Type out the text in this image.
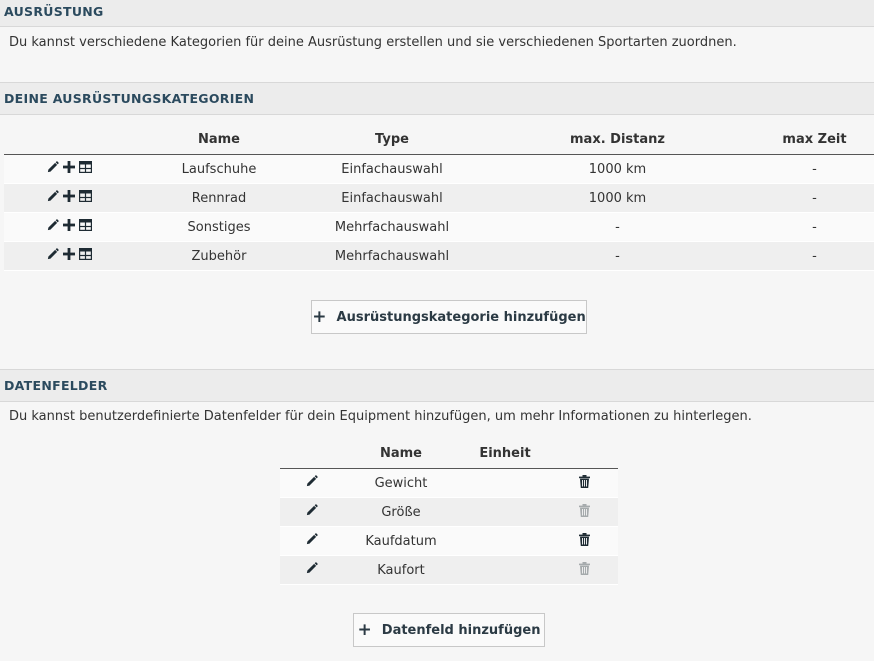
AUSRÜSTUNG
Du kannst verschiedene Kategorien für deine Ausrüstung erstellen und sie verschiedenen Sportarten zuordnen.
DEINE AUSRÜSTUNGSKATEGORIEN
	Name	Type	max. Distanz	max Zeit
	Laufschuhe	Einfachauswahl	1000 km	-
	Rennrad	Einfachauswahl	1000 km	-
	Sonstiges	Mehrfachauswahl	-	-
	Zubehör	Mehrfachauswahl	-	-
+ Ausrüstungskategorie hinzufügen
DATENFELDER
Du kannst benutzerdefinierte Datenfelder für dein Equipment hinzufügen, um mehr Informationen zu hinterlegen.
	Name	Einheit	
	Gewicht		
	Größe		
	Kaufdatum		
	Kaufort		
+ Datenfeld hinzufügen
